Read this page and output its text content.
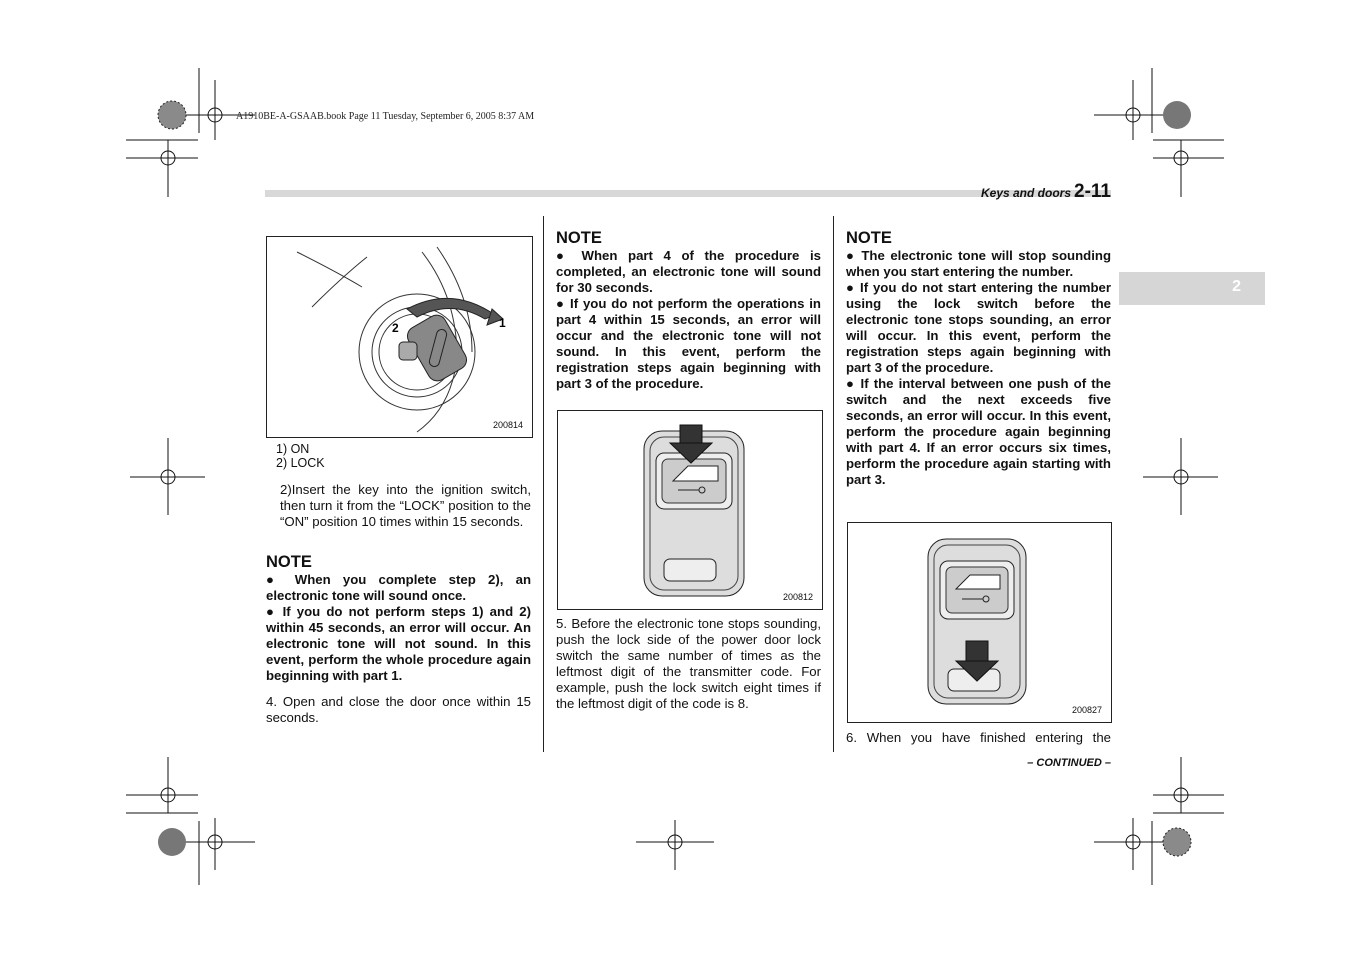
A1910BE-A-GSAAB.book Page 11 Tuesday, September 6, 2005 8:37 AM
Keys and doors 2-11
2
1
2
200814
1) ON
2) LOCK
2)Insert the key into the ignition switch, then turn it from the “LOCK” position to the “ON” position 10 times within 15 seconds.
NOTE
● When you complete step 2), an electronic tone will sound once.
● If you do not perform steps 1) and 2) within 45 seconds, an error will occur. An electronic tone will not sound. In this event, perform the whole procedure again beginning with part 1.
4. Open and close the door once within 15 seconds.
NOTE
● When part 4 of the procedure is completed, an electronic tone will sound for 30 seconds.
● If you do not perform the operations in part 4 within 15 seconds, an error will occur and the electronic tone will not sound. In this event, perform the registration steps again beginning with part 3 of the procedure.
200812
5. Before the electronic tone stops sounding, push the lock side of the power door lock switch the same number of times as the leftmost digit of the transmitter code. For example, push the lock switch eight times if the leftmost digit of the code is 8.
NOTE
● The electronic tone will stop sounding when you start entering the number.
● If you do not start entering the number using the lock switch before the electronic tone stops sounding, an error will occur. In this event, perform the registration steps again beginning with part 3 of the procedure.
● If the interval between one push of the switch and the next exceeds five seconds, an error will occur. In this event, perform the procedure again beginning with part 4. If an error occurs six times, perform the procedure again starting with part 3.
200827
6. When you have finished entering the
– CONTINUED –
